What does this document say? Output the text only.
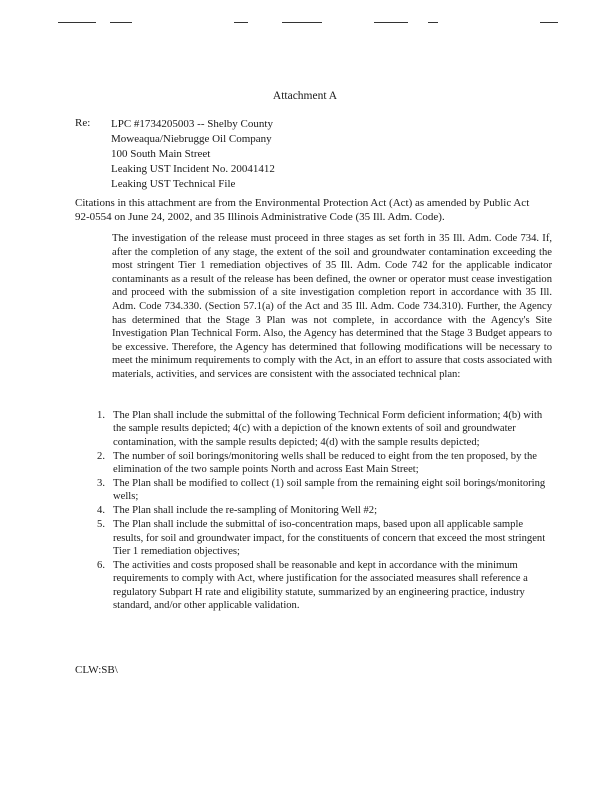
Attachment A
Re: LPC #1734205003 -- Shelby County
Moweaqua/Niebrugge Oil Company
100 South Main Street
Leaking UST Incident No. 20041412
Leaking UST Technical File
Citations in this attachment are from the Environmental Protection Act (Act) as amended by Public Act 92-0554 on June 24, 2002, and 35 Illinois Administrative Code (35 Ill. Adm. Code).
The investigation of the release must proceed in three stages as set forth in 35 Ill. Adm. Code 734. If, after the completion of any stage, the extent of the soil and groundwater contamination exceeding the most stringent Tier 1 remediation objectives of 35 Ill. Adm. Code 742 for the applicable indicator contaminants as a result of the release has been defined, the owner or operator must cease investigation and proceed with the submission of a site investigation completion report in accordance with 35 Ill. Adm. Code 734.330. (Section 57.1(a) of the Act and 35 Ill. Adm. Code 734.310). Further, the Agency has determined that the Stage 3 Plan was not complete, in accordance with the Agency's Site Investigation Plan Technical Form. Also, the Agency has determined that the Stage 3 Budget appears to be excessive. Therefore, the Agency has determined that following modifications will be necessary to meet the minimum requirements to comply with the Act, in an effort to assure that costs associated with materials, activities, and services are consistent with the associated technical plan:
1. The Plan shall include the submittal of the following Technical Form deficient information; 4(b) with the sample results depicted; 4(c) with a depiction of the known extents of soil and groundwater contamination, with the sample results depicted; 4(d) with the sample results depicted;
2. The number of soil borings/monitoring wells shall be reduced to eight from the ten proposed, by the elimination of the two sample points North and across East Main Street;
3. The Plan shall be modified to collect (1) soil sample from the remaining eight soil borings/monitoring wells;
4. The Plan shall include the re-sampling of Monitoring Well #2;
5. The Plan shall include the submittal of iso-concentration maps, based upon all applicable sample results, for soil and groundwater impact, for the constituents of concern that exceed the most stringent Tier 1 remediation objectives;
6. The activities and costs proposed shall be reasonable and kept in accordance with the minimum requirements to comply with Act, where justification for the associated measures shall reference a regulatory Subpart H rate and eligibility statute, summarized by an engineering practice, industry standard, and/or other applicable validation.
CLW:SB\
